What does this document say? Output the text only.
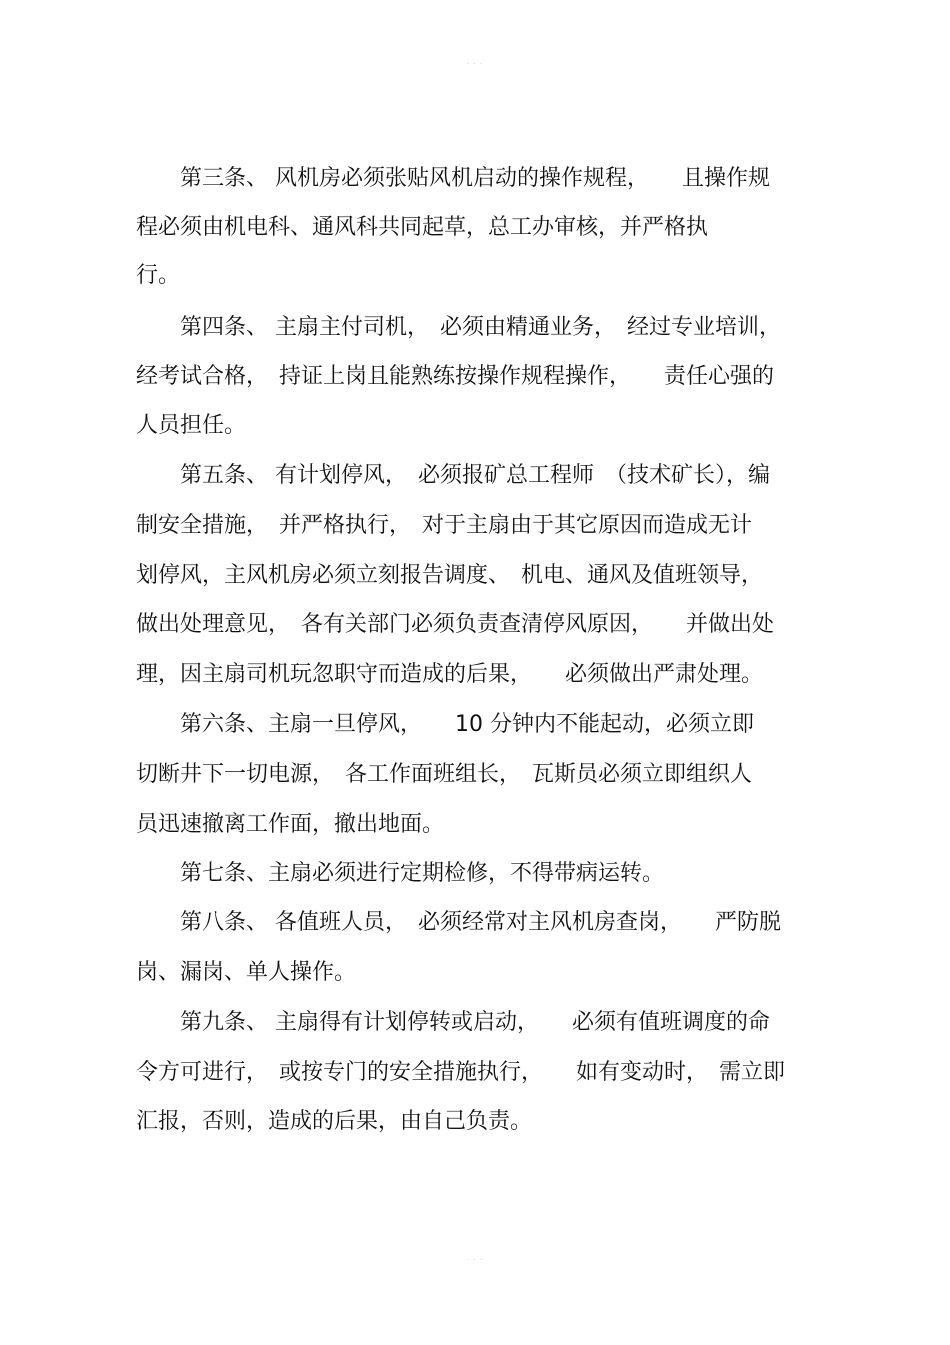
· · ·
　　第三条、 风机房必须张贴风机启动的操作规程，　　且操作规
程必须由机电科、通风科共同起草，总工办审核，并严格执
行。
　　第四条、 主扇主付司机，　必须由精通业务，　经过专业培训，
经考试合格，　持证上岗且能熟练按操作规程操作，　　责任心强的
人员担任。
　　第五条、 有计划停风，　必须报矿总工程师　（技术矿长），编
制安全措施，　并严格执行，　对于主扇由于其它原因而造成无计
划停风，主风机房必须立刻报告调度、　机电、通风及值班领导，
做出处理意见，　各有关部门必须负责查清停风原因，　　并做出处
理，因主扇司机玩忽职守而造成的后果，　　必须做出严肃处理。
　　第六条、主扇一旦停风，　　10 分钟内不能起动，必须立即
切断井下一切电源，　各工作面班组长，　瓦斯员必须立即组织人
员迅速撤离工作面，撤出地面。
　　第七条、主扇必须进行定期检修，不得带病运转。
　　第八条、 各值班人员，　必须经常对主风机房查岗，　　严防脱
岗、漏岗、单人操作。
　　第九条、 主扇得有计划停转或启动，　　必须有值班调度的命
令方可进行，　或按专门的安全措施执行，　　如有变动时，　需立即
汇报，否则，造成的后果，由自己负责。
· · ·
